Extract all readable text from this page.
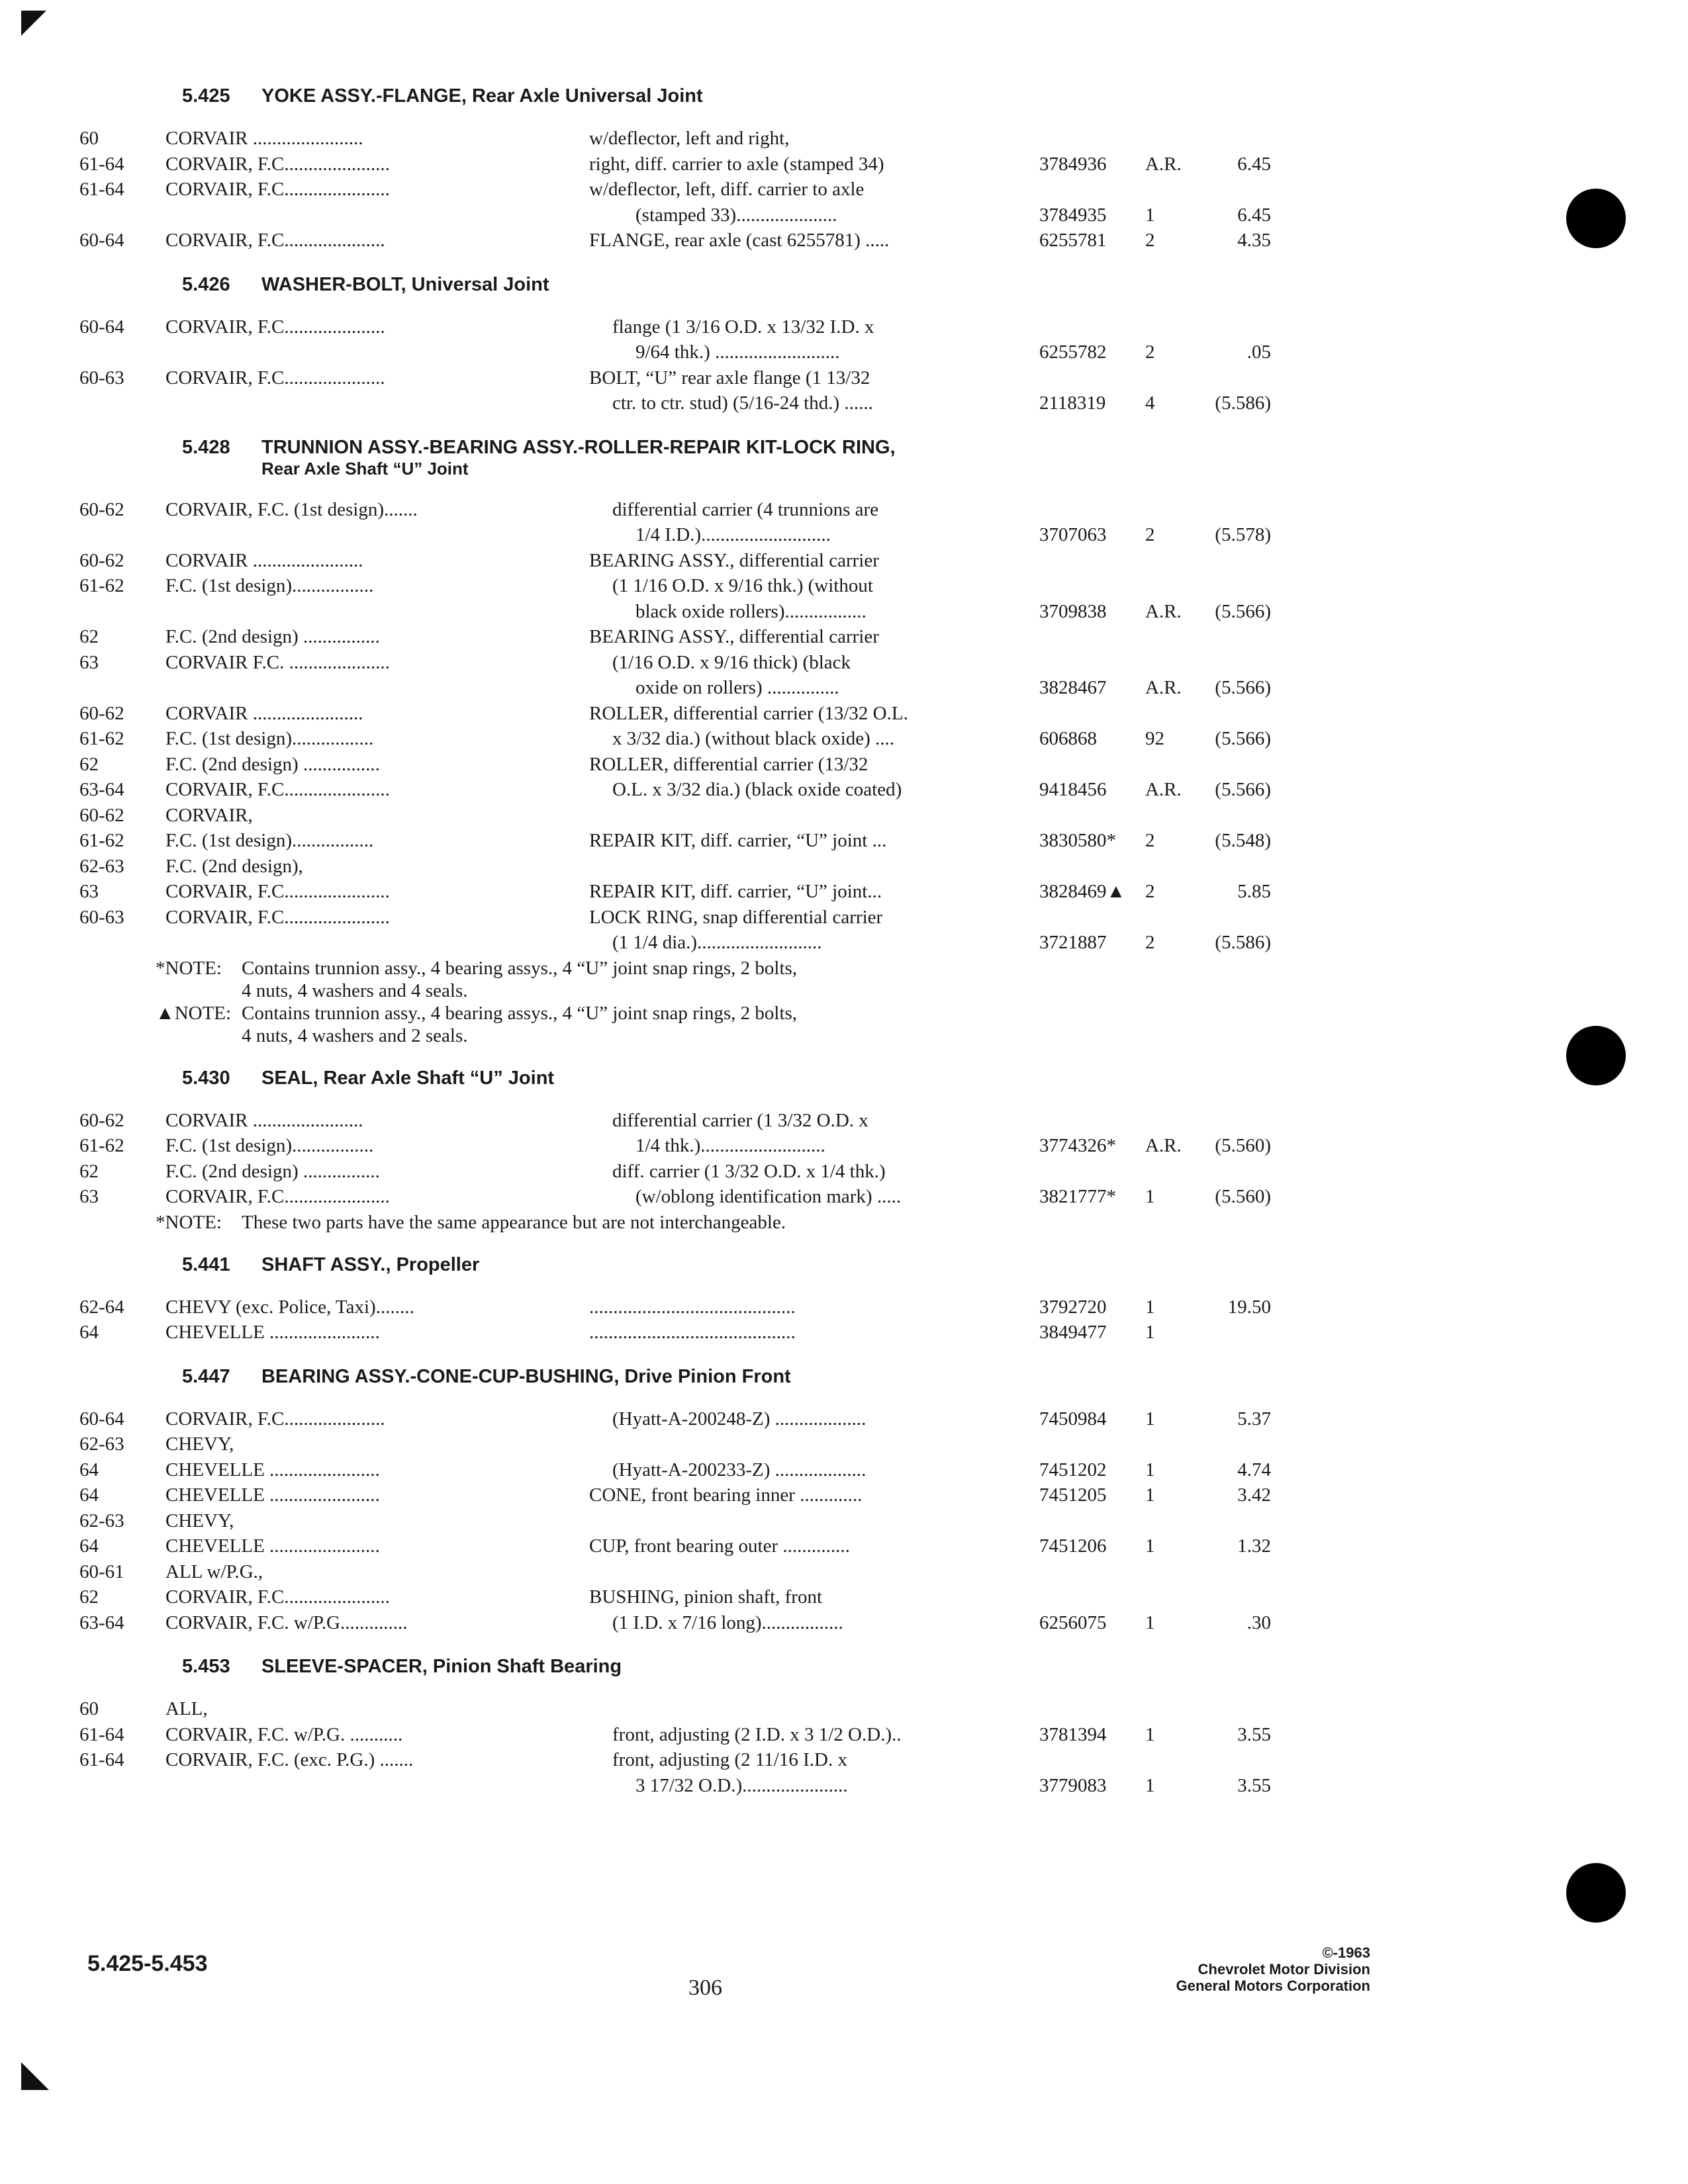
5.425 YOKE ASSY.-FLANGE, Rear Axle Universal Joint
60	CORVAIR .......................	w/deflector, left and right,
61-64	CORVAIR, F.C......................	right, diff. carrier to axle (stamped 34)	3784936	A.R.	6.45
61-64	CORVAIR, F.C......................	w/deflector, left, diff. carrier to axle
(stamped 33).....................	3784935	1	6.45
60-64	CORVAIR, F.C.....................	FLANGE, rear axle (cast 6255781) .....	6255781	2	4.35
5.426 WASHER-BOLT, Universal Joint
60-64	CORVAIR, F.C.....................	flange (1 3/16 O.D. x 13/32 I.D. x
9/64 thk.) ..........................	6255782	2	.05
60-63	CORVAIR, F.C.....................	BOLT, “U” rear axle flange (1 13/32
ctr. to ctr. stud) (5/16-24 thd.) ......	2118319	4	(5.586)
5.428 TRUNNION ASSY.-BEARING ASSY.-ROLLER-REPAIR KIT-LOCK RING,
Rear Axle Shaft “U” Joint
60-62	CORVAIR, F.C. (1st design).......	differential carrier (4 trunnions are
1/4 I.D.)...........................	3707063	2	(5.578)
60-62	CORVAIR .......................	BEARING ASSY., differential carrier
61-62	F.C. (1st design).................	(1 1/16 O.D. x 9/16 thk.) (without
black oxide rollers).................	3709838	A.R.	(5.566)
62	F.C. (2nd design) ................	BEARING ASSY., differential carrier
63	CORVAIR F.C. .....................	(1/16 O.D. x 9/16 thick) (black
oxide on rollers) ...............	3828467	A.R.	(5.566)
60-62	CORVAIR .......................	ROLLER, differential carrier (13/32 O.L.
61-62	F.C. (1st design).................	x 3/32 dia.) (without black oxide) ....	606868	92	(5.566)
62	F.C. (2nd design) ................	ROLLER, differential carrier (13/32
63-64	CORVAIR, F.C......................	O.L. x 3/32 dia.) (black oxide coated)	9418456	A.R.	(5.566)
60-62	CORVAIR,
61-62	F.C. (1st design).................	REPAIR KIT, diff. carrier, “U” joint ...	3830580*	2	(5.548)
62-63	F.C. (2nd design),
63	CORVAIR, F.C......................	REPAIR KIT, diff. carrier, “U” joint...	3828469▲	2	5.85
60-63	CORVAIR, F.C......................	LOCK RING, snap differential carrier
(1 1/4 dia.)..........................	3721887	2	(5.586)
*NOTE:	Contains trunnion assy., 4 bearing assys., 4 “U” joint snap rings, 2 bolts,
4 nuts, 4 washers and 4 seals.
▲NOTE: Contains trunnion assy., 4 bearing assys., 4 “U” joint snap rings, 2 bolts,
4 nuts, 4 washers and 2 seals.
5.430 SEAL, Rear Axle Shaft “U” Joint
60-62	CORVAIR .......................	differential carrier (1 3/32 O.D. x
61-62	F.C. (1st design).................	1/4 thk.)..........................	3774326*	A.R.	(5.560)
62	F.C. (2nd design) ................	diff. carrier (1 3/32 O.D. x 1/4 thk.)
63	CORVAIR, F.C......................	(w/oblong identification mark) .....	3821777*	1	(5.560)
*NOTE:	These two parts have the same appearance but are not interchangeable.
5.441 SHAFT ASSY., Propeller
62-64	CHEVY (exc. Police, Taxi)........	...........................................	3792720	1	19.50
64	CHEVELLE .......................	...........................................	3849477	1
5.447 BEARING ASSY.-CONE-CUP-BUSHING, Drive Pinion Front
60-64	CORVAIR, F.C.....................	(Hyatt-A-200248-Z) ...................	7450984	1	5.37
62-63	CHEVY,
64	CHEVELLE .......................	(Hyatt-A-200233-Z) ...................	7451202	1	4.74
64	CHEVELLE .......................	CONE, front bearing inner .............	7451205	1	3.42
62-63	CHEVY,
64	CHEVELLE .......................	CUP, front bearing outer ..............	7451206	1	1.32
60-61	ALL w/P.G.,
62	CORVAIR, F.C......................	BUSHING, pinion shaft, front
63-64	CORVAIR, F.C. w/P.G..............	(1 I.D. x 7/16 long).................	6256075	1	.30
5.453 SLEEVE-SPACER, Pinion Shaft Bearing
60	ALL,
61-64	CORVAIR, F.C. w/P.G. ...........	front, adjusting (2 I.D. x 3 1/2 O.D.)..	3781394	1	3.55
61-64	CORVAIR, F.C. (exc. P.G.) .......	front, adjusting (2 11/16 I.D. x
3 17/32 O.D.)......................	3779083	1	3.55
5.425-5.453
306
©-1963
Chevrolet Motor Division
General Motors Corporation
